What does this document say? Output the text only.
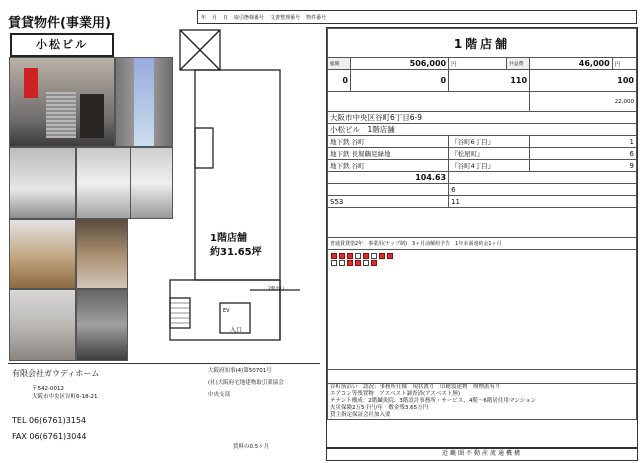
賃貸物件(事業用)	年	月	日	取引態様番号	文書整理番号	物件番号
小松ビル
1階店舗
約31.65坪
入口
2階出口
EV
有限会社ガウディホーム
〒542-0012
大阪市中央区谷町6-18-21
TEL 06(6761)3154
FAX 06(6761)3044
大阪府知事(4)第50701号
(社)大阪府宅地建物取引業協会
中央支部
賃料の0.5ヶ月
1階店舗					
総額	506,000	円	共益費	46,000	円
0	0	110		100	
				22,000	
大阪市中央区谷町6丁目6-9					
小松ビル　1階店舗					
地下鉄 谷町		『谷町6丁目』		1	
地下鉄 長堀鶴見緑地		『松屋町』		6	
地下鉄 谷町		『谷町4丁目』		9	
104.63					
		6			
S53		11			

普通賃貸借2年　事業用(ナップ制)　3ヶ月前解約予告　1年未満違約金1ヶ月					

谷町筋沿い　認況：事務所仕様　現状渡り　旧耐震建物　喫煙派有り
エアコン等残置物　アスベスト調査済(アスベスト無)
テナント構成：2階鍼灸院、3階設計事務所・サービス、4階〜6階居住用マンション
火災保険2万5千円/年　敷金残3.65万円
貸主指定保証会社加入要					
近畿圏不動産流通機構
